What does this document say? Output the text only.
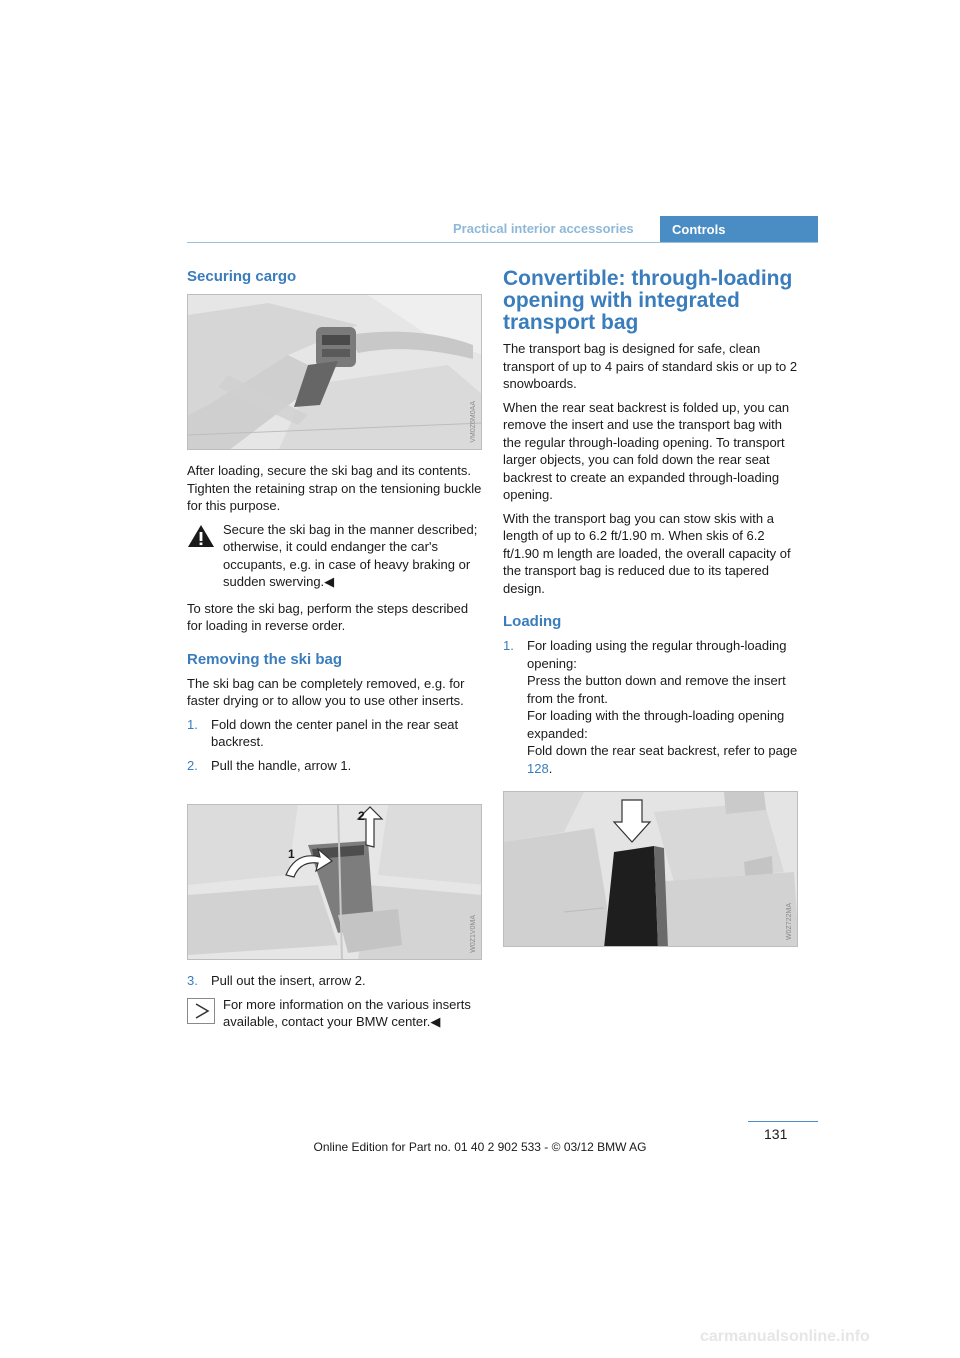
Practical interior accessories	Controls
Securing cargo
VM0Z6M0AA

After loading, secure the ski bag and its contents. Tighten the retaining strap on the tensioning buckle for this purpose.

Secure the ski bag in the manner described; otherwise, it could endanger the car's occupants, e.g. in case of heavy braking or sudden swerving.◀

To store the ski bag, perform the steps described for loading in reverse order.

Removing the ski bag

The ski bag can be completely removed, e.g. for faster drying or to allow you to use other inserts.

1. Fold down the center panel in the rear seat backrest.
2. Pull the handle, arrow 1.
2
1
W0Z1V0MA
3. Pull out the insert, arrow 2.

For more information on the various inserts available, contact your BMW center.◀

Convertible: through-loading opening with integrated transport bag

The transport bag is designed for safe, clean transport of up to 4 pairs of standard skis or up to 2 snowboards.

When the rear seat backrest is folded up, you can remove the insert and use the transport bag with the regular through-loading opening. To transport larger objects, you can fold down the rear seat backrest to create an expanded through-loading opening.

With the transport bag you can stow skis with a length of up to 6.2 ft/1.90 m. When skis of 6.2 ft/1.90 m length are loaded, the overall capacity of the transport bag is reduced due to its tapered design.

Loading
1. For loading using the regular through-loading opening:
Press the button down and remove the insert from the front.
For loading with the through-loading opening expanded:
Fold down the rear seat backrest, refer to page 128.
W0Z722MA
131
Online Edition for Part no. 01 40 2 902 533 - © 03/12 BMW AG
carmanualsonline.info
